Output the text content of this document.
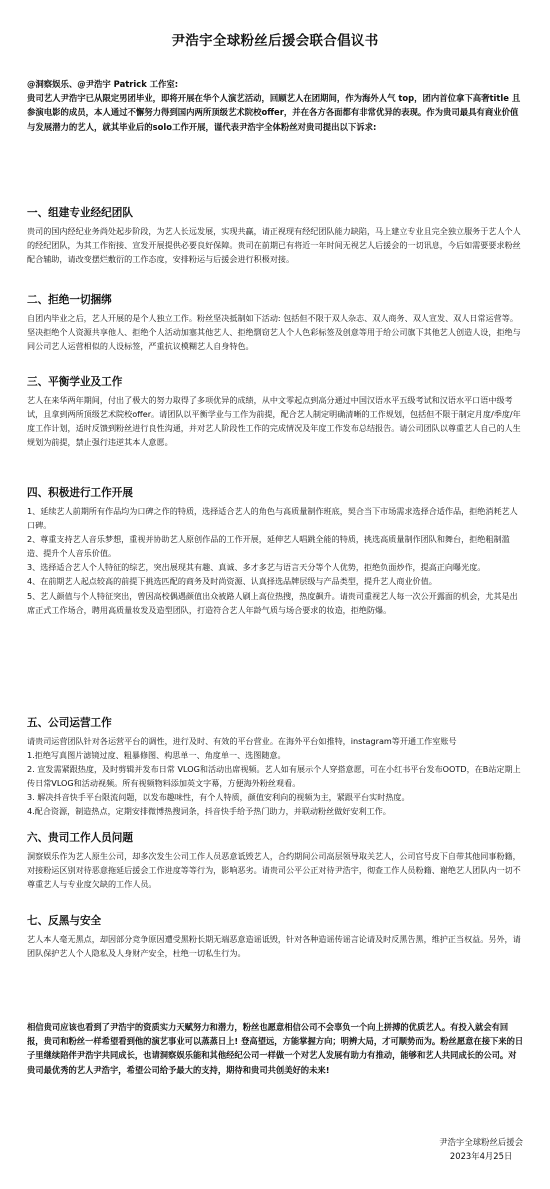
尹浩宇全球粉丝后援会联合倡议书

@洞察娱乐、@尹浩宇 Patrick 工作室:

贵司艺人尹浩宇已从限定男团毕业，即将开展在华个人演艺活动，回顾艺人在团期间，作为海外人气 top，团内首位拿下高奢title 且参演电影的成员，本人通过不懈努力得到国内两所顶级艺术院校offer，并在各方各面都有非常优异的表现。作为贵司最具有商业价值与发展潜力的艺人，就其毕业后的solo工作开展，谨代表尹浩宇全体粉丝对贵司提出以下诉求:

一、组建专业经纪团队

贵司的国内经纪业务尚处起步阶段，为艺人长远发展，实现共赢，请正视现有经纪团队能力缺陷，马上建立专业且完全独立服务于艺人个人的经纪团队，为其工作衔接、宣发开展提供必要良好保障。贵司在前期已有将近一年时间无视艺人后援会的一切讯息，今后如需要要求粉丝配合辅助，请改变摆烂敷衍的工作态度，安排粉运与后援会进行积极对接。

二、拒绝一切捆绑

自团内毕业之后，艺人开展的是个人独立工作。粉丝坚决抵制如下活动: 包括但不限于双人杂志、双人商务、双人宣发、双人日常运营等。坚决拒绝个人资源共享他人、拒绝个人活动加塞其他艺人、拒绝剽窃艺人个人色彩标签及创意等用于给公司旗下其他艺人创造人设，拒绝与同公司艺人运营相似的人设标签，严重抗议模糊艺人自身特色。

三、平衡学业及工作

艺人在来华两年期间，付出了极大的努力取得了多项优异的成绩，从中文零起点到高分通过中国汉语水平五级考试和汉语水平口语中级考试，且拿到两所顶级艺术院校offer。请团队以平衡学业与工作为前提，配合艺人制定明确清晰的工作规划，包括但不限于制定月度/季度/年度工作计划，适时反馈到粉丝进行良性沟通，并对艺人阶段性工作的完成情况及年度工作发布总结报告。请公司团队以尊重艺人自己的人生规划为前提，禁止强行违逆其本人意愿。

四、积极进行工作开展

1、延续艺人前期所有作品均为口碑之作的特质，选择适合艺人的角色与高质量制作班底，契合当下市场需求选择合适作品，拒绝消耗艺人口碑。

2、尊重支持艺人音乐梦想，重视并协助艺人原创作品的工作开展，延伸艺人唱跳全能的特质，挑选高质量制作团队和舞台，拒绝粗制滥造、提升个人音乐价值。

3、选择适合艺人个人特征的综艺，突出展现其有趣、真诚、多才多艺与语言天分等个人优势，拒绝负面炒作，提高正向曝光度。

4、在前期艺人起点较高的前提下挑选匹配的商务及时尚资源、认真择选品牌层级与产品类型，提升艺人商业价值。

5、艺人颜值与个人特征突出，曾因高校偶遇颜值出众被路人刷上高位热搜，热度飙升。请贵司重视艺人每一次公开露面的机会，尤其是出席正式工作场合，聘用高质量妆发及造型团队，打造符合艺人年龄气质与场合要求的妆造，拒绝防爆。

五、公司运营工作

请贵司运营团队针对各运营平台的调性，进行及时、有效的平台营业。在海外平台如推特，instagram等开通工作室账号

1.拒绝写真图片滤镜过度、粗暴修图、构思单一、角度单一、选图随意。

2. 宣发需紧跟热度，及时剪辑并发布日常 VLOG和活动出席视频。艺人如有展示个人穿搭意愿，可在小红书平台发布OOTD，在B站定期上传日常VLOG和活动视频。所有视频物料添加英文字幕，方便海外粉丝观看。

3. 解决抖音快手平台限流问题，以发布趣味性，有个人特质，颜值安利向的视频为主，紧跟平台实时热度。

4.配合资源，制造热点，定期安排微博热搜词条，抖音快手给予热门助力，并联动粉丝做好安利工作。

六、贵司工作人员问题

洞察娱乐作为艺人原生公司，却多次发生公司工作人员恶意诋毁艺人，合约期间公司高层领导取关艺人，公司官号皮下自带其他同事粉籍，对接粉运区别对待恶意拖延后援会工作进度等等行为，影响恶劣。请贵司公平公正对待尹浩宇，彻查工作人员粉籍、谢绝艺人团队内一切不尊重艺人与专业度欠缺的工作人员。

七、反黑与安全

艺人本人毫无黑点，却因部分竞争原因遭受黑粉长期无端恶意造谣诋毁，针对各种造谣传谣言论请及时反黑告黑，维护正当权益。另外，请团队保护艺人个人隐私及人身财产安全，杜绝一切私生行为。

相信贵司应该也看到了尹浩宇的资质实力天赋努力和潜力，粉丝也愿意相信公司不会辜负一个向上拼搏的优质艺人。有投入就会有回报，贵司和粉丝一样希望看到他的演艺事业可以蒸蒸日上! 登高望远，方能掌握方向；明辨大局，才可顺势而为。粉丝愿意在接下来的日子里继续陪伴尹浩宇共同成长，也请洞察娱乐能和其他经纪公司一样做一个对艺人发展有助力有推动，能够和艺人共同成长的公司。对贵司最优秀的艺人尹浩宇，希望公司给予最大的支持，期待和贵司共创美好的未来!

尹浩宇全球粉丝后援会
2023年4月25日
